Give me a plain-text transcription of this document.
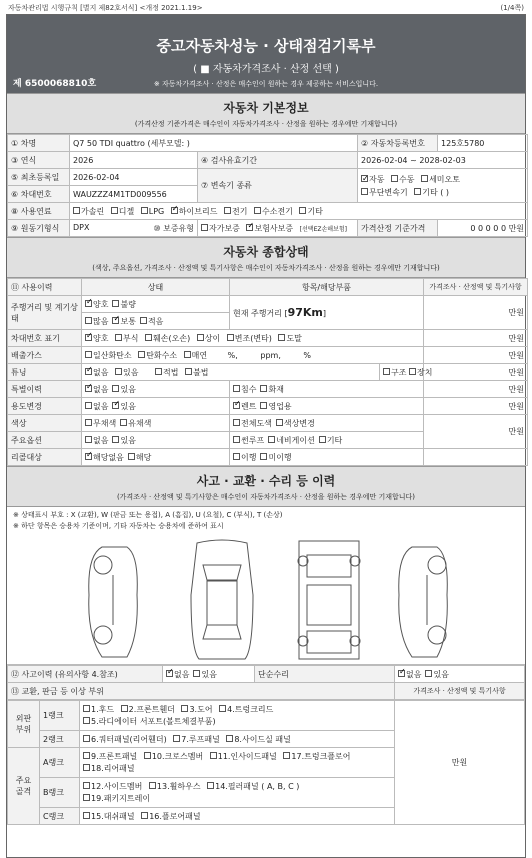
자동차관리법 시행규칙 [별지 제82호서식] <개정 2021.1.19>	(1/4쪽)
중고자동차성능 · 상태점검기록부
( ■ 자동차가격조사 · 산정 선택 )
※ 자동차가격조사 · 산정은 매수인이 원하는 경우 제공하는 서비스입니다.
제 6500068810호
자동차 기본정보
(가격산정 기준가격은 매수인이 자동차가격조사 · 산정을 원하는 경우에만 기재합니다)
① 차명	Q7 50 TDI quattro (세부모델: )		② 자동차등록번호	125호5780
③ 연식	2026	④ 검사유효기간	2026-02-04 ~ 2028-02-03	
⑤ 최초등록일	2026-02-04	⑦ 변속기 종류	✓자동 수동 세미오토
무단변속기 기타 ( )
⑥ 차대번호	WAUZZZ4M1TD009556			
⑧ 사용연료	가솔린 디젤 LPG ✓ 하이브리드 전기 수소전기 기타
⑨ 원동기형식	DPX ⑩ 보증유형	자가보증 ✓ 보험사보증 [선택EZ손해보험]	가격산정 기준가격	0 0 0 0 0 만원
자동차 종합상태
(색상, 주요옵션, 가격조사 · 산정액 및 특기사항은 매수인이 자동차가격조사 · 산정을 원하는 경우에만 기재합니다)
⑪ 사용이력	상태	항목/해당부품		가격조사 · 산정액 및 특기사항
주행거리 및 계기상태	✓양호 불량	현재 주행거리 [97Km]		만원
	많음 ✓ 보통 적음
차대번호 표기	✓양호 부식 훼손(오손) 상이 변조(변타) 도말			만원
배출가스	일산화탄소 탄화수소 매연 %, ppm, %			만원
튜닝	✓없음 있음 적법 불법		구조 장치	만원
특별이력	✓없음 있음	침수 화재		만원
용도변경	없음 ✓ 있음	✓렌트 영업용		만원
색상	무채색 유채색	전체도색 색상변경		만원
주요옵션	없음 있음	썬루프 네비게이션 기타		
리콜대상	✓해당없음 해당	이행 미이행		
사고 · 교환 · 수리 등 이력
(가격조사 · 산정액 및 특기사항은 매수인이 자동차가격조사 · 산정을 원하는 경우에만 기재합니다)
※ 상태표시 부호 : X (교환), W (판금 또는 용접), A (흠집), U (요철), C (부식), T (손상)
※ 하단 항목은 승용차 기준이며, 기타 자동차는 승용차에 준하여 표시
⑫ 사고이력 (유의사항 4.참조)	✓없음 있음	단순수리	✓없음 있음
⑬ 교환, 판금 등 이상 부위			가격조사 · 산정액 및 특기사항
외판 부위	1랭크	1.후드 2.프론트휀더 3.도어 4.트렁크리드
5.라디에이터 서포트(볼트체결부품)	만원
	2랭크	6.쿼터패널(리어휀더) 7.루프패널 8.사이드실 패널	
주요 골격	A랭크	9.프론트패널 10.크로스멤버 11.인사이드패널 17.트렁크플로어
18.리어패널	
	B랭크	12.사이드멤버 13.휠하우스 14.필러패널 ( A, B, C )
19.패키지트레이	
	C랭크	15.대쉬패널 16.플로어패널	
